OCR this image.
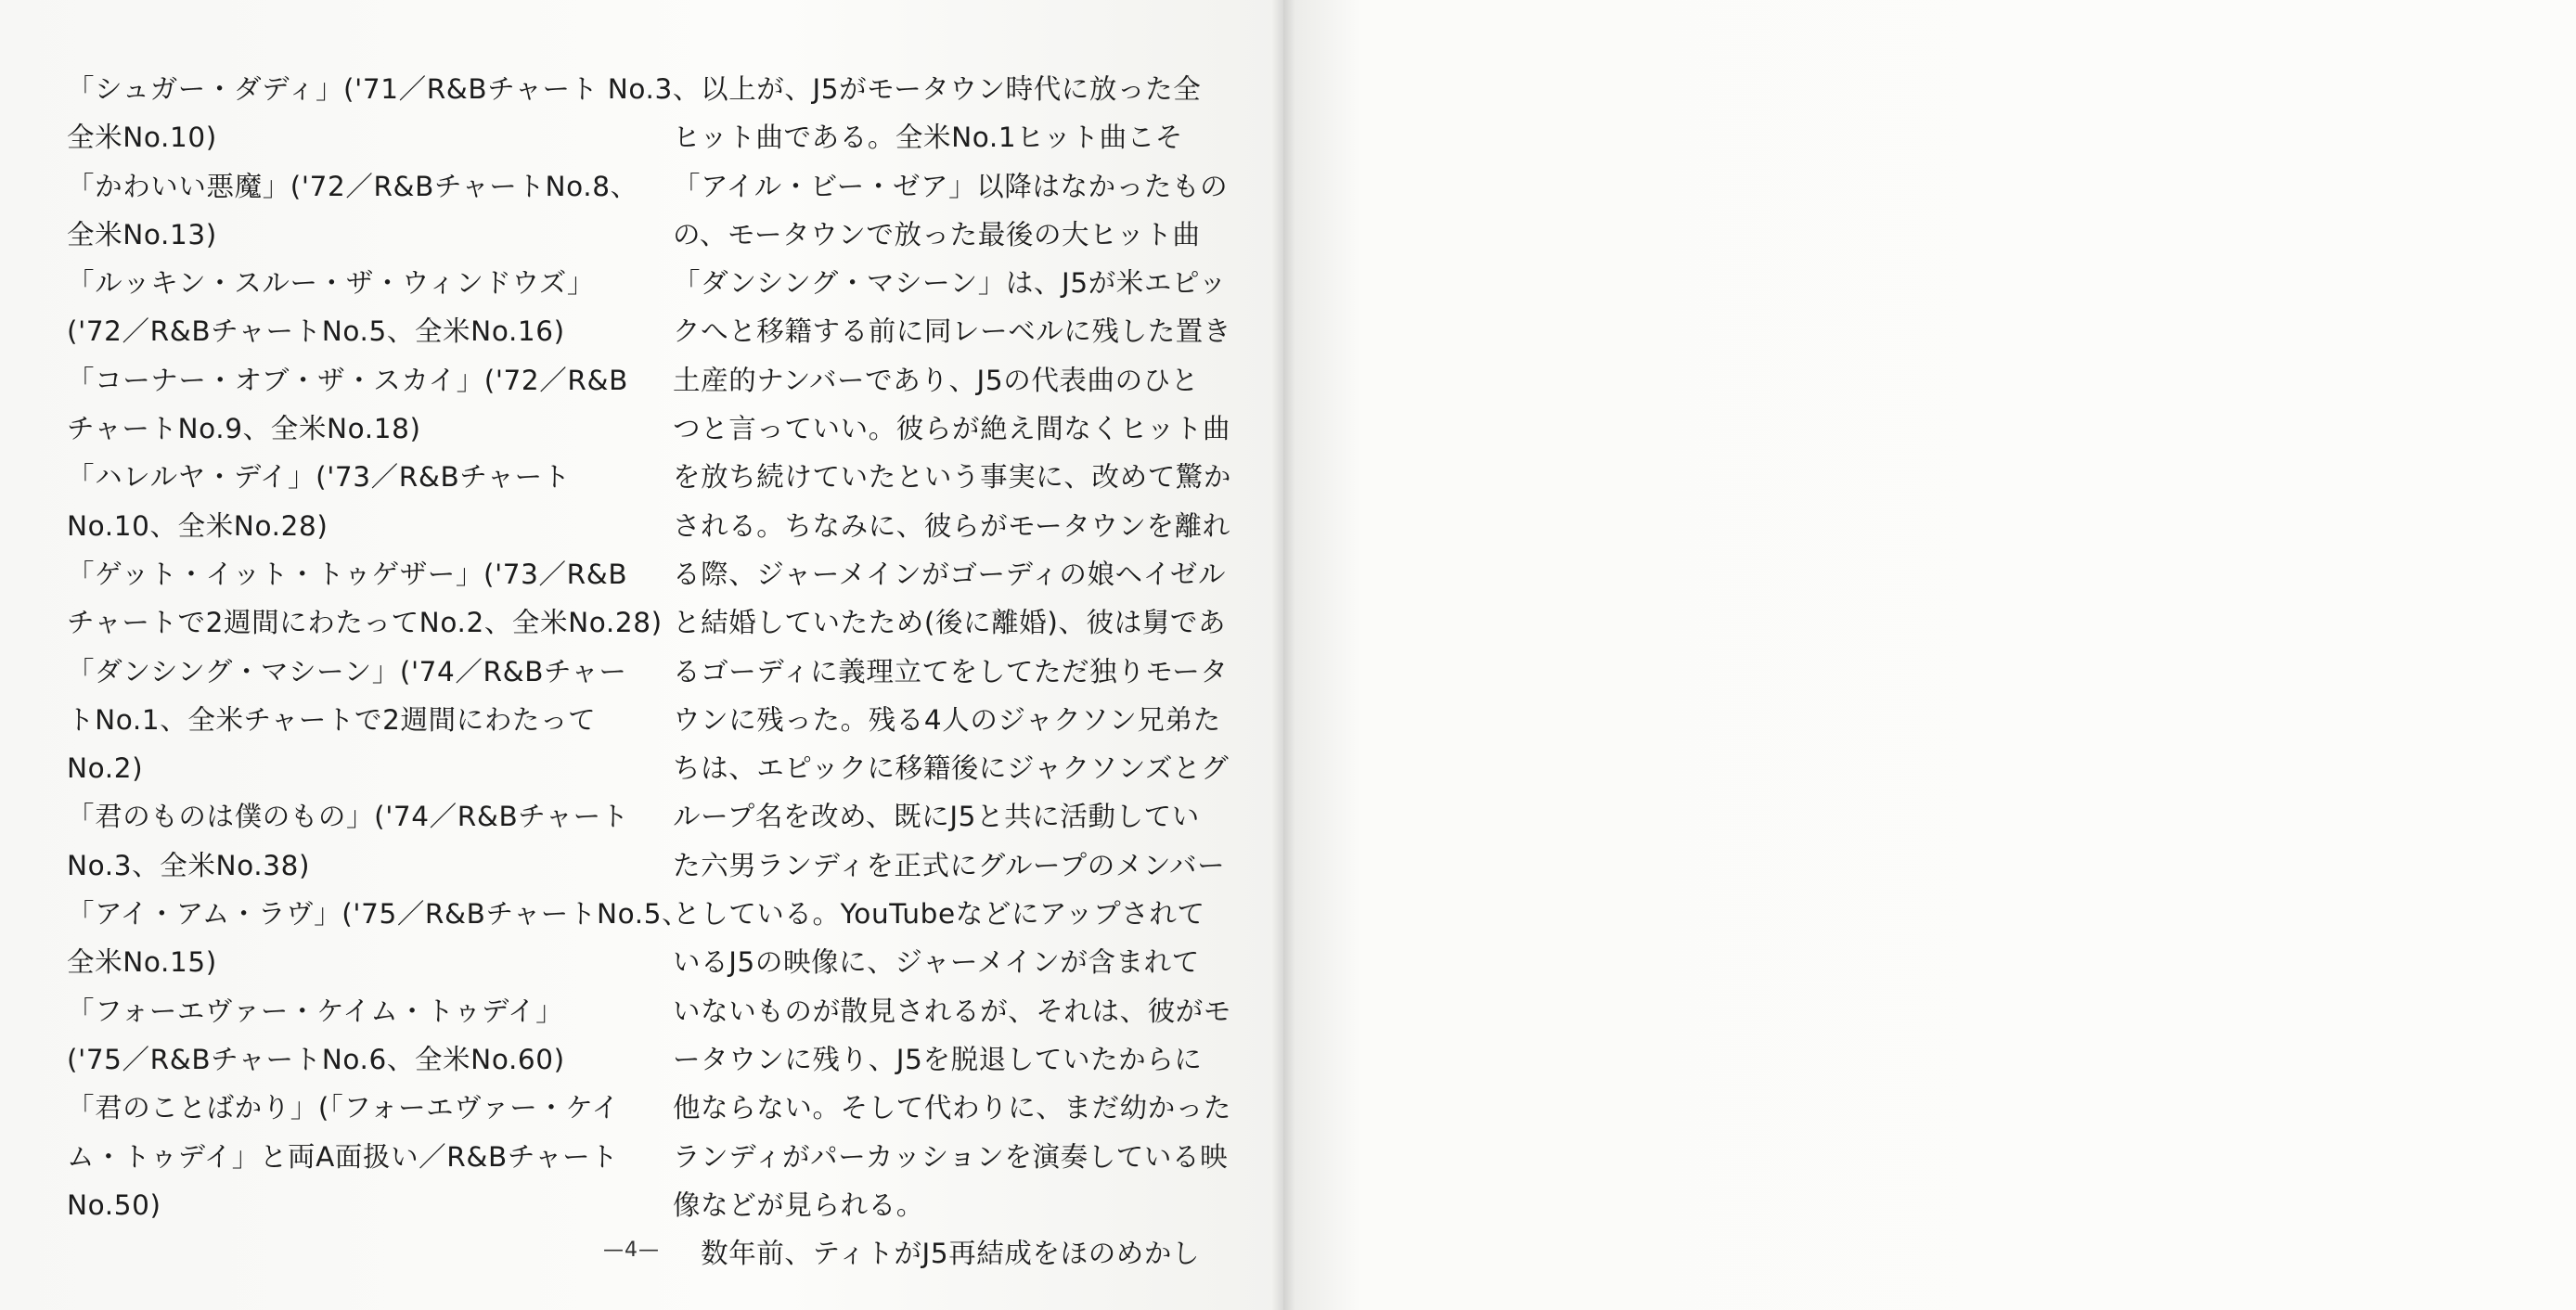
「シュガー・ダディ」('71／R&Bチャート No.3、
全米No.10)
「かわいい悪魔」('72／R&BチャートNo.8、
全米No.13)
「ルッキン・スルー・ザ・ウィンドウズ」
('72／R&BチャートNo.5、全米No.16)
「コーナー・オブ・ザ・スカイ」('72／R&B
チャートNo.9、全米No.18)
「ハレルヤ・デイ」('73／R&Bチャート
No.10、全米No.28)
「ゲット・イット・トゥゲザー」('73／R&B
チャートで2週間にわたってNo.2、全米No.28)
「ダンシング・マシーン」('74／R&Bチャー
トNo.1、全米チャートで2週間にわたって
No.2)
「君のものは僕のもの」('74／R&Bチャート
No.3、全米No.38)
「アイ・アム・ラヴ」('75／R&BチャートNo.5、
全米No.15)
「フォーエヴァー・ケイム・トゥデイ」
('75／R&BチャートNo.6、全米No.60)
「君のことばかり」(「フォーエヴァー・ケイ
ム・トゥデイ」と両A面扱い／R&Bチャート
No.50)
　以上が、J5がモータウン時代に放った全
ヒット曲である。全米No.1ヒット曲こそ
「アイル・ビー・ゼア」以降はなかったもの
の、モータウンで放った最後の大ヒット曲
「ダンシング・マシーン」は、J5が米エピッ
クへと移籍する前に同レーベルに残した置き
土産的ナンバーであり、J5の代表曲のひと
つと言っていい。彼らが絶え間なくヒット曲
を放ち続けていたという事実に、改めて驚か
される。ちなみに、彼らがモータウンを離れ
る際、ジャーメインがゴーディの娘ヘイゼル
と結婚していたため(後に離婚)、彼は舅であ
るゴーディに義理立てをしてただ独りモータ
ウンに残った。残る4人のジャクソン兄弟た
ちは、エピックに移籍後にジャクソンズとグ
ループ名を改め、既にJ5と共に活動してい
た六男ランディを正式にグループのメンバー
としている。YouTubeなどにアップされて
いるJ5の映像に、ジャーメインが含まれて
いないものが散見されるが、それは、彼がモ
ータウンに残り、J5を脱退していたからに
他ならない。そして代わりに、まだ幼かった
ランディがパーカッションを演奏している映
像などが見られる。
　数年前、ティトがJ5再結成をほのめかし
—4—
